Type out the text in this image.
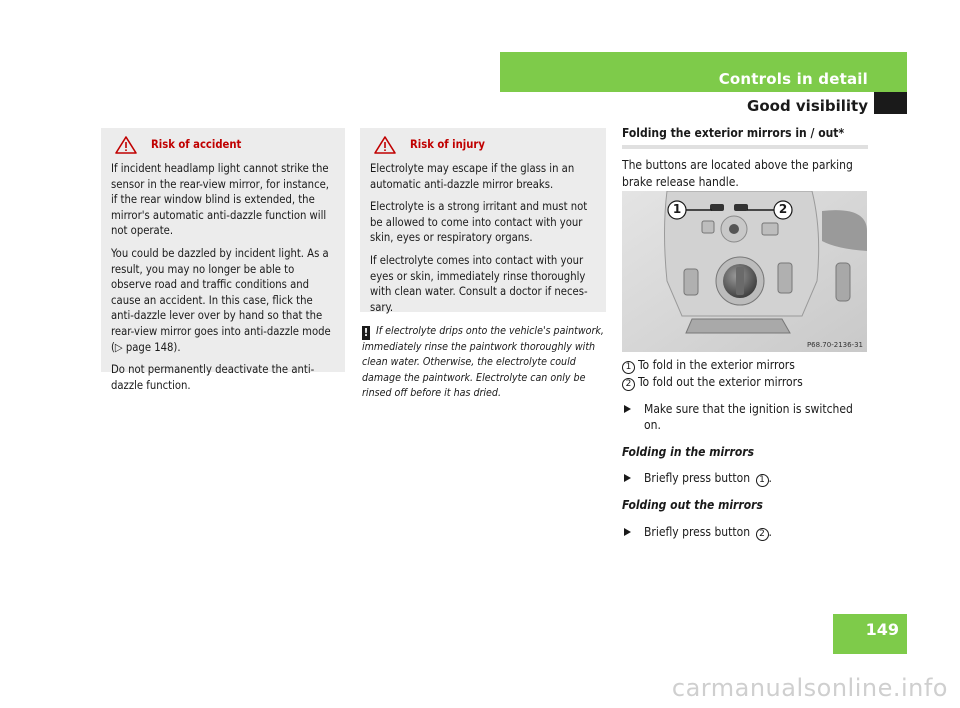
Controls in detail
Good visibility
Risk of accident

If incident headlamp light cannot strike the sensor in the rear-view mirror, for instance, if the rear window blind is extended, the mirror's automatic anti-dazzle function will not operate.

You could be dazzled by incident light. As a result, you may no longer be able to observe road and traffic conditions and cause an accident. In this case, flick the anti-dazzle lever over by hand so that the rear-view mirror goes into anti-dazzle mode (▷ page 148).

Do not permanently deactivate the anti-dazzle function.

Risk of injury

Electrolyte may escape if the glass in an automatic anti-dazzle mirror breaks.

Electrolyte is a strong irritant and must not be allowed to come into contact with your skin, eyes or respiratory organs.

If electrolyte comes into contact with your eyes or skin, immediately rinse thoroughly with clean water. Consult a doctor if necessary.

! If electrolyte drips onto the vehicle's paintwork, immediately rinse the paintwork thoroughly with clean water. Otherwise, the electrolyte could damage the paintwork. Electrolyte can only be rinsed off before it has dried.
Folding the exterior mirrors in / out*
The buttons are located above the parking brake release handle.
1	2
P68.70-2136-31
1 To fold in the exterior mirrors
2 To fold out the exterior mirrors
Make sure that the ignition is switched on.
Folding in the mirrors
Briefly press button 1 .
Folding out the mirrors
Briefly press button 2 .
149
carmanualsonline.info
